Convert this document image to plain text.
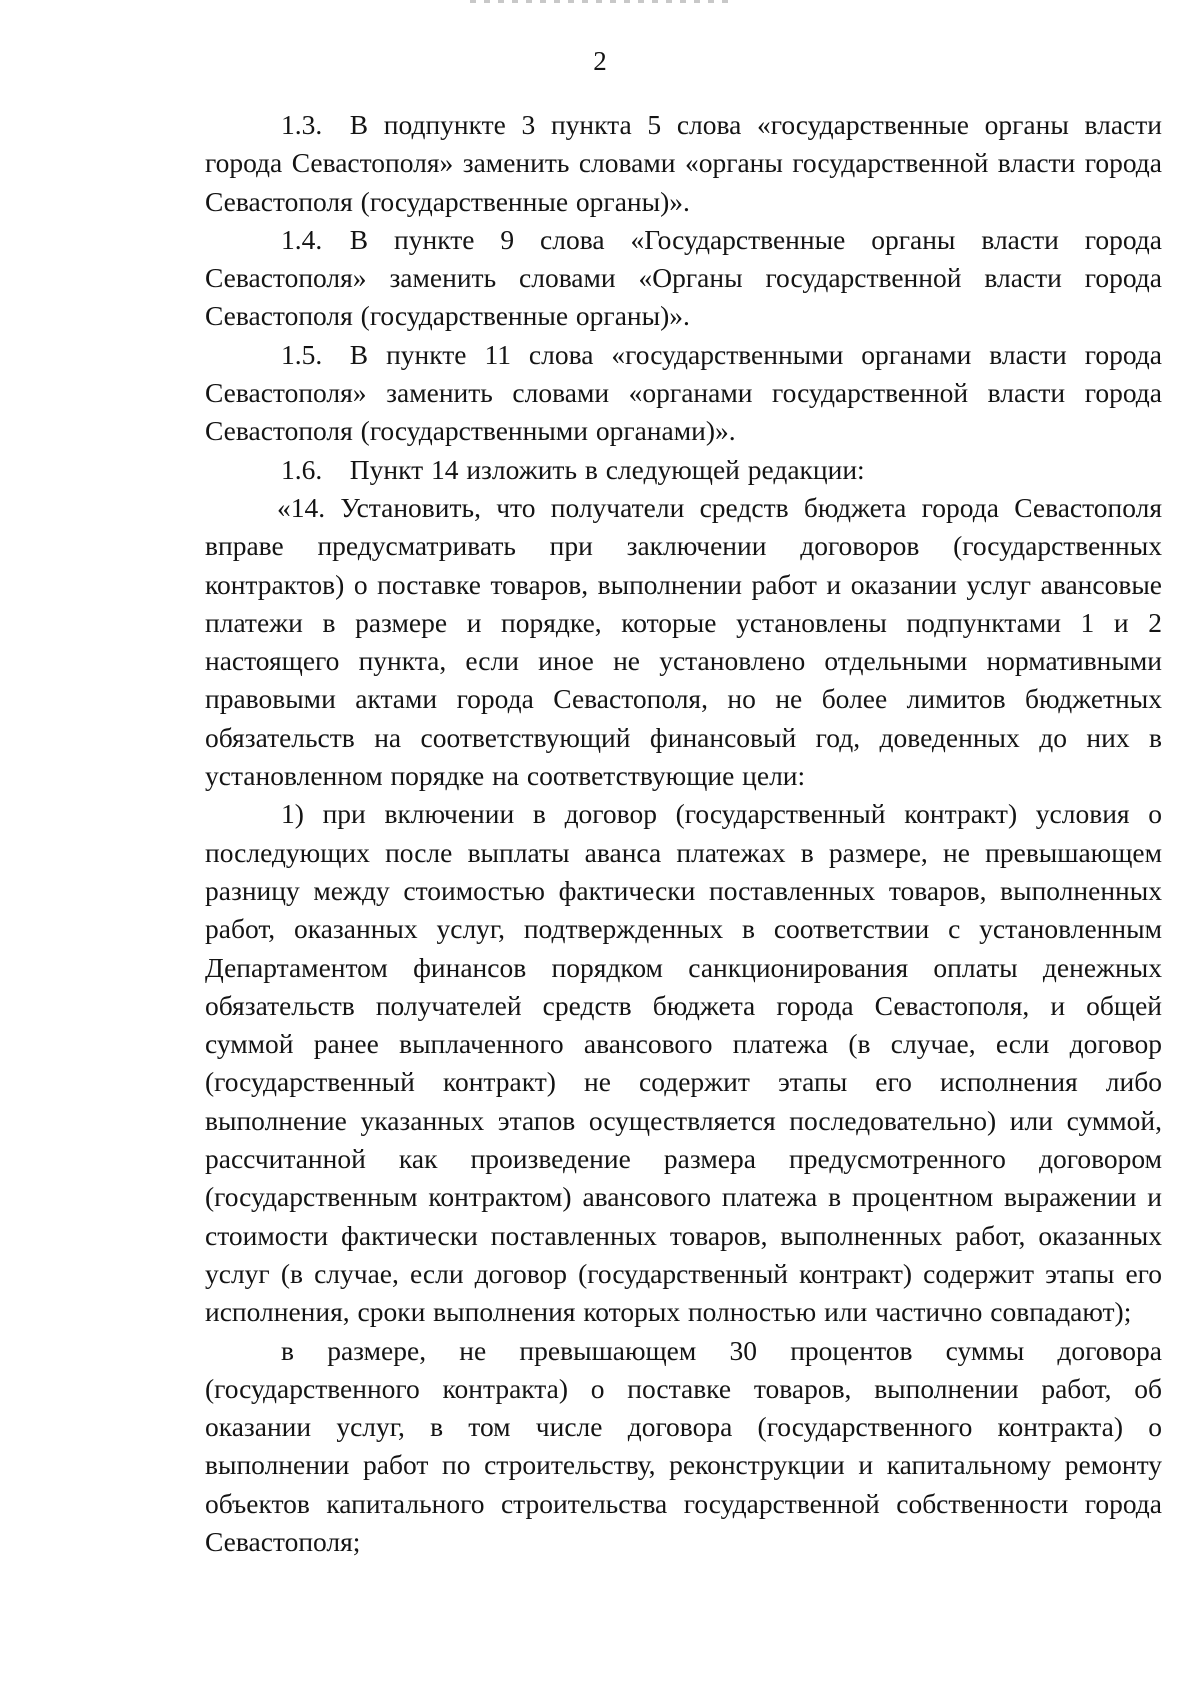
2

1.3. В подпункте 3 пункта 5 слова «государственные органы власти города Севастополя» заменить словами «органы государственной власти города Севастополя (государственные органы)».

1.4. В пункте 9 слова «Государственные органы власти города Севастополя» заменить словами «Органы государственной власти города Севастополя (государственные органы)».

1.5. В пункте 11 слова «государственными органами власти города Севастополя» заменить словами «органами государственной власти города Севастополя (государственными органами)».

1.6. Пункт 14 изложить в следующей редакции:

«14. Установить, что получатели средств бюджета города Севастополя вправе предусматривать при заключении договоров (государственных контрактов) о поставке товаров, выполнении работ и оказании услуг авансовые платежи в размере и порядке, которые установлены подпунктами 1 и 2 настоящего пункта, если иное не установлено отдельными нормативными правовыми актами города Севастополя, но не более лимитов бюджетных обязательств на соответствующий финансовый год, доведенных до них в установленном порядке на соответствующие цели:

1) при включении в договор (государственный контракт) условия о последующих после выплаты аванса платежах в размере, не превышающем разницу между стоимостью фактически поставленных товаров, выполненных работ, оказанных услуг, подтвержденных в соответствии с установленным Департаментом финансов порядком санкционирования оплаты денежных обязательств получателей средств бюджета города Севастополя, и общей суммой ранее выплаченного авансового платежа (в случае, если договор (государственный контракт) не содержит этапы его исполнения либо выполнение указанных этапов осуществляется последовательно) или суммой, рассчитанной как произведение размера предусмотренного договором (государственным контрактом) авансового платежа в процентном выражении и стоимости фактически поставленных товаров, выполненных работ, оказанных услуг (в случае, если договор (государственный контракт) содержит этапы его исполнения, сроки выполнения которых полностью или частично совпадают);

в размере, не превышающем 30 процентов суммы договора (государственного контракта) о поставке товаров, выполнении работ, об оказании услуг, в том числе договора (государственного контракта) о выполнении работ по строительству, реконструкции и капитальному ремонту объектов капитального строительства государственной собственности города Севастополя;
